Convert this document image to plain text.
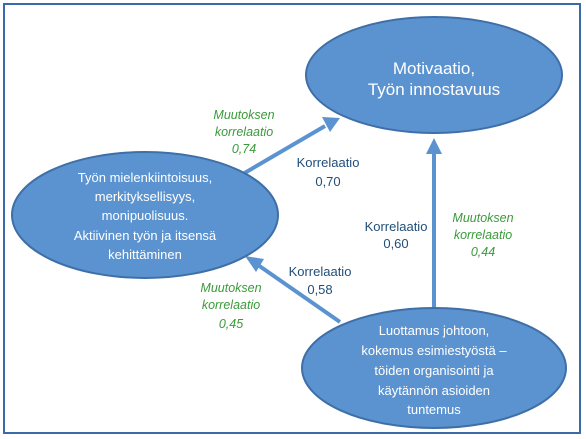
Motivaatio,
Työn innostavuus
Työn mielenkiintoisuus,
merkityksellisyys,
monipuolisuus.
Aktiivinen työn ja itsensä
kehittäminen
Luottamus johtoon,
kokemus esimiestyöstä –
töiden organisointi ja
käytännön asioiden
tuntemus
Muutoksen
korrelaatio
0,74
Korrelaatio
0,70
Korrelaatio
0,60
Muutoksen
korrelaatio
0,44
Korrelaatio
0,58
Muutoksen
korrelaatio
0,45
